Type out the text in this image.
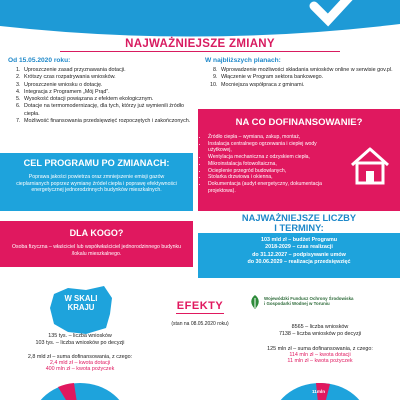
NAJWAŻNIEJSZE ZMIANY
Od 15.05.2020 roku:
1. Uproszczenie zasad przyznawania dotacji.
2. Krótszy czas rozpatrywania wniosków.
3. Uproszczenie wniosku o dotację.
4. Integracja z Programem „Mój Prąd”.
5. Wysokość dotacji powiązana z efektem ekologicznym.
6. Dotacje na termomodernizację, dla tych, którzy już wymienili źródło ciepła.
7. Możliwość finansowania przedsięwzięć rozpoczętych i zakończonych.
W najbliższych planach:
8. Wprowadzenie możliwości składania wniosków online w serwisie gov.pl.
9. Włączenie w Program sektora bankowego.
10. Mocniejsza współpraca z gminami.
NA CO DOFINANSOWANIE?
• Źródło ciepła – wymiana, zakup, montaż,
• Instalacja centralnego ogrzewania i ciepłej wody użytkowej,
• Wentylacja mechaniczna z odzyskiem ciepła,
• Mikroinstalacja fotowoltaiczna,
• Ocieplenie przegród budowlanych,
• Stolarka drzwiowa i okienna,
• Dokumentacja (audyt energetyczny, dokumentacja projektowa).
CEL PROGRAMU PO ZMIANACH:
Poprawa jakości powietrza oraz zmniejszenie emisji gazów cieplarnianych poprzez wymianę źródeł ciepła i poprawę efektywności energetycznej jednorodzinnych budynków mieszkalnych.
DLA KOGO?
Osoba fizyczna – właściciel lub współwłaściciel jednorodzinnego budynku /lokalu mieszkalnego.
NAJWAŻNIEJSZE LICZBY
I TERMINY:
103 mld zł – budżet Programu
2018-2029 – czas realizacji
do 31.12.2027 – podpisywanie umów
do 30.06.2029 – realizacja przedsięwzięć
W SKALI
KRAJU
135 tys. – liczba wniosków
103 tys. – liczba wniosków po decyzji
2,8 mld zł – suma dofinansowania, z czego:
2,4 mld zł – kwota dotacji
400 mln zł – kwota pożyczek
0,4 mld
EFEKTY
(stan na 08.05.2020 roku)
Wojewódzki Fundusz Ochrony Środowiska
i Gospodarki Wodnej w Toruniu
8565 – liczba wniosków
7138 – liczba wniosków po decyzji
125 mln zł – suma dofinansowania, z czego:
114 mln zł – kwota dotacji
11 mln zł – kwota pożyczek
11mln
